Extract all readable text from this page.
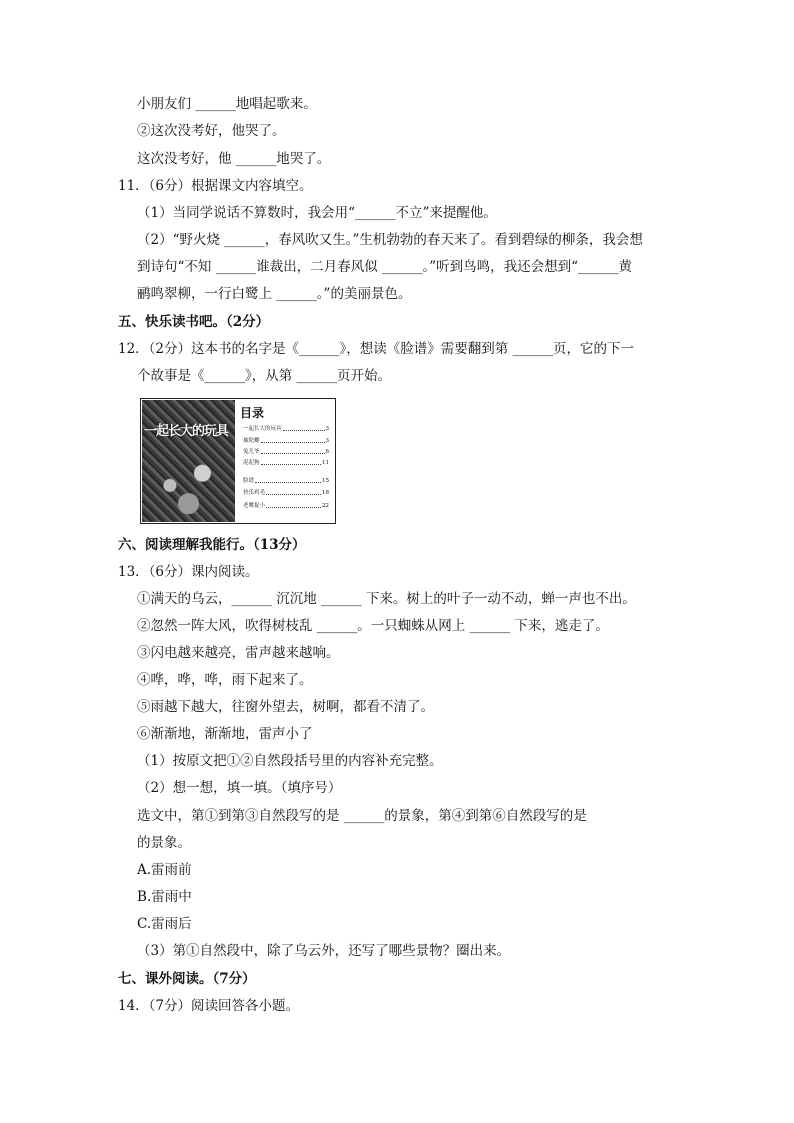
小朋友们 ______地唱起歌来。
②这次没考好，他哭了。
这次没考好，他 ______地哭了。
11．（6分）根据课文内容填空。
（1）当同学说话不算数时，我会用“______不立”来提醒他。
（2）“野火烧 ______，春风吹又生。”生机勃勃的春天来了。看到碧绿的柳条，我会想
到诗句“不知 ______谁裁出，二月春风似 ______。”听到鸟鸣，我还会想到“______黄
鹂鸣翠柳，一行白鹭上 ______。”的美丽景色。
五、快乐读书吧。（2分）
12．（2分）这本书的名字是《______》，想读《脸谱》需要翻到第 ______页，它的下一
个故事是《______》，从第 ______页开始。
一起长大的玩具
目录
一起长大的玩具	3
抽陀螺	3
兔儿爷	6
泥泥狗	11
脸谱	15
快乐鸡毛	18
老鹰捉小	22
六、阅读理解我能行。（13分）
13．（6分）课内阅读。
①满天的乌云，______ 沉沉地 ______ 下来。树上的叶子一动不动，蝉一声也不出。
②忽然一阵大风，吹得树枝乱 ______。一只蜘蛛从网上 ______ 下来，逃走了。
③闪电越来越亮，雷声越来越响。
④哗，哗，哗，雨下起来了。
⑤雨越下越大，往窗外望去，树啊，都看不清了。
⑥渐渐地，渐渐地，雷声小了
（1）按原文把①②自然段括号里的内容补充完整。
（2）想一想，填一填。（填序号）
选文中，第①到第③自然段写的是 ______的景象，第④到第⑥自然段写的是
的景象。
A.雷雨前
B.雷雨中
C.雷雨后
（3）第①自然段中，除了乌云外，还写了哪些景物？圈出来。
七、课外阅读。（7分）
14．（7分）阅读回答各小题。
